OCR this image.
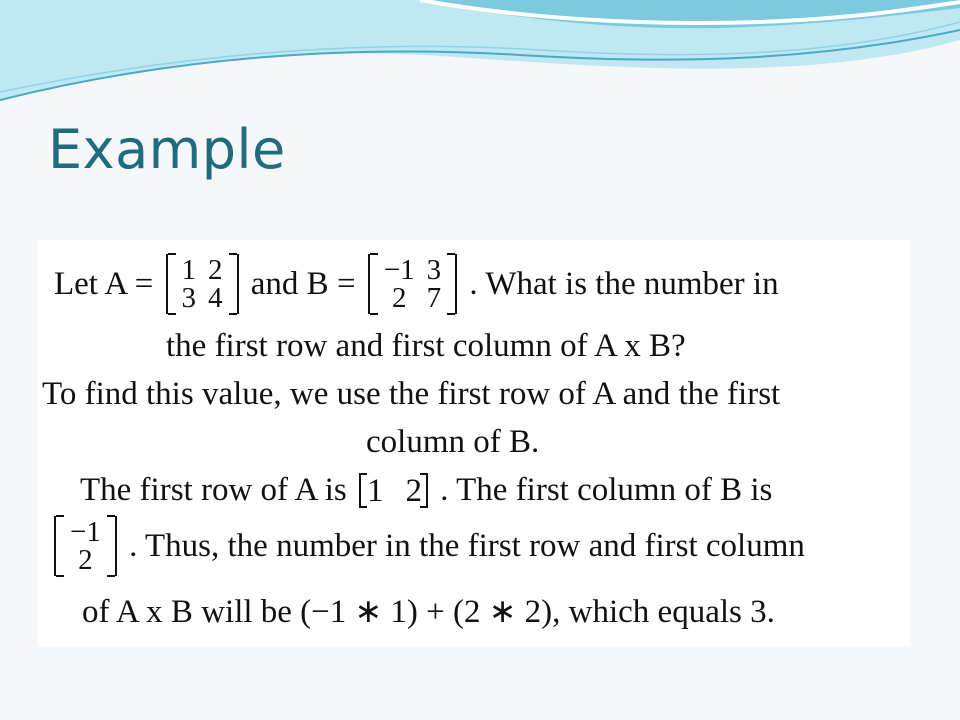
Example
Let A = 1	2
3	4 and B = −1	3
2	7 . What is the number in
the first row and first column of A x B?
To find this value, we use the first row of A and the first
column of B.
The first row of A is 1 2 . The first column of B is
−1
2 . Thus, the number in the first row and first column
of A x B will be (−1 ∗ 1) + (2 ∗ 2), which equals 3.
